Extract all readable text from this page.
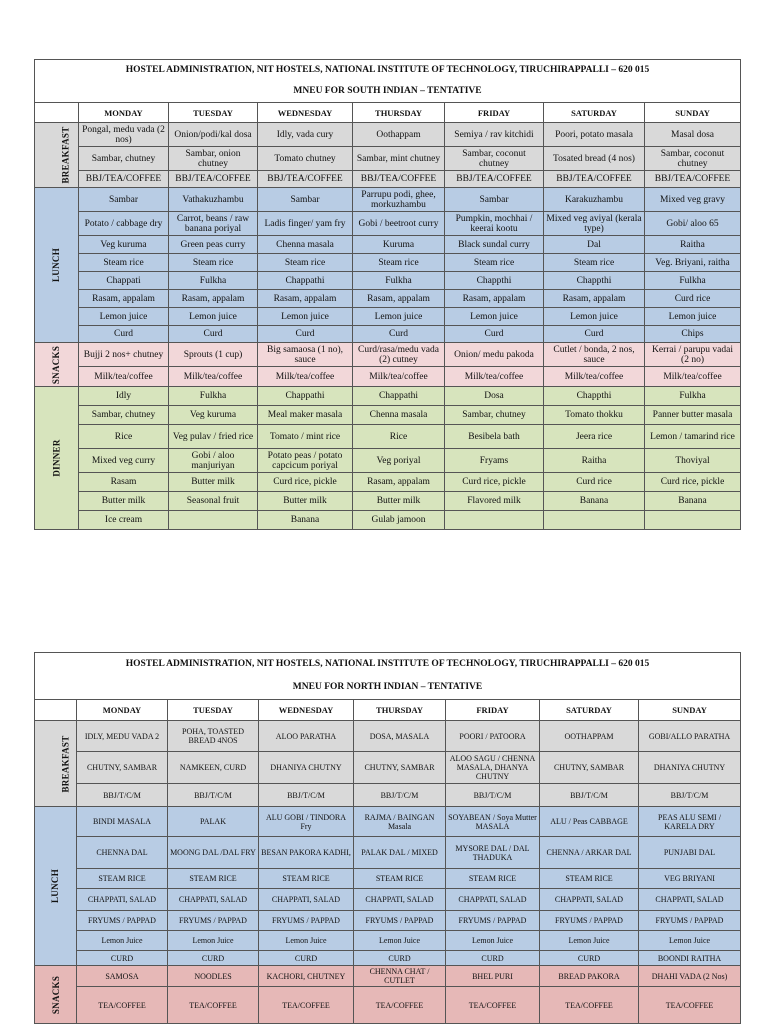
HOSTEL ADMINISTRATION, NIT HOSTELS, NATIONAL INSTITUTE OF TECHNOLOGY, TIRUCHIRAPPALLI – 620 015
MNEU FOR SOUTH INDIAN – TENTATIVE							

	MONDAY	TUESDAY	WEDNESDAY	THURSDAY	FRIDAY	SATURDAY	SUNDAY
BREAKFAST	Pongal, medu vada (2 nos)	Onion/podi/kal dosa	Idly, vada cury	Oothappam	Semiya / rav kitchidi	Poori, potato masala	Masal dosa
	Sambar, chutney	Sambar, onion chutney	Tomato chutney	Sambar, mint chutney	Sambar, coconut chutney	Tosated bread (4 nos)	Sambar, coconut chutney
	BBJ/TEA/COFFEE	BBJ/TEA/COFFEE	BBJ/TEA/COFFEE	BBJ/TEA/COFFEE	BBJ/TEA/COFFEE	BBJ/TEA/COFFEE	BBJ/TEA/COFFEE
LUNCH	Sambar	Vathakuzhambu	Sambar	Parrupu podi, ghee, morkuzhambu	Sambar	Karakuzhambu	Mixed veg gravy
	Potato / cabbage dry	Carrot, beans / raw banana poriyal	Ladis finger/ yam fry	Gobi / beetroot curry	Pumpkin, mochhai / keerai kootu	Mixed veg aviyal (kerala type)	Gobi/ aloo 65
	Veg kuruma	Green peas curry	Chenna masala	Kuruma	Black sundal curry	Dal	Raitha
	Steam rice	Steam rice	Steam rice	Steam rice	Steam rice	Steam rice	Veg. Briyani, raitha
	Chappati	Fulkha	Chappathi	Fulkha	Chappthi	Chappthi	Fulkha
	Rasam, appalam	Rasam, appalam	Rasam, appalam	Rasam, appalam	Rasam, appalam	Rasam, appalam	Curd rice
	Lemon juice	Lemon juice	Lemon juice	Lemon juice	Lemon juice	Lemon juice	Lemon juice
	Curd	Curd	Curd	Curd	Curd	Curd	Chips
SNACKS	Bujji 2 nos+ chutney	Sprouts (1 cup)	Big samaosa (1 no), sauce	Curd/rasa/medu vada (2) cutney	Onion/ medu pakoda	Cutlet / bonda, 2 nos, sauce	Kerrai / parupu vadai (2 no)
	Milk/tea/coffee	Milk/tea/coffee	Milk/tea/coffee	Milk/tea/coffee	Milk/tea/coffee	Milk/tea/coffee	Milk/tea/coffee
DINNER	Idly	Fulkha	Chappathi	Chappathi	Dosa	Chappthi	Fulkha
	Sambar, chutney	Veg kuruma	Meal maker masala	Chenna masala	Sambar, chutney	Tomato thokku	Panner butter masala
	Rice	Veg pulav / fried rice	Tomato / mint rice	Rice	Besibela bath	Jeera rice	Lemon / tamarind rice
	Mixed veg curry	Gobi / aloo manjuriyan	Potato peas / potato capcicum poriyal	Veg poriyal	Fryams	Raitha	Thoviyal
	Rasam	Butter milk	Curd rice, pickle	Rasam, appalam	Curd rice, pickle	Curd rice	Curd rice, pickle
	Butter milk	Seasonal fruit	Butter milk	Butter milk	Flavored milk	Banana	Banana
	Ice cream		Banana	Gulab jamoon			
HOSTEL ADMINISTRATION, NIT HOSTELS, NATIONAL INSTITUTE OF TECHNOLOGY, TIRUCHIRAPPALLI – 620 015
MNEU FOR NORTH INDIAN – TENTATIVE							

	MONDAY	TUESDAY	WEDNESDAY	THURSDAY	FRIDAY	SATURDAY	SUNDAY
BREAKFAST	IDLY, MEDU VADA 2	POHA, TOASTED BREAD 4NOS	ALOO PARATHA	DOSA, MASALA	POORI / PATOORA	OOTHAPPAM	GOBI/ALLO PARATHA
	CHUTNY, SAMBAR	NAMKEEN, CURD	DHANIYA CHUTNY	CHUTNY, SAMBAR	ALOO SAGU / CHENNA MASALA, DHANYA CHUTNY	CHUTNY, SAMBAR	DHANIYA CHUTNY
	BBJ/T/C/M	BBJ/T/C/M	BBJ/T/C/M	BBJ/T/C/M	BBJ/T/C/M	BBJ/T/C/M	BBJ/T/C/M
LUNCH	BINDI MASALA	PALAK	ALU GOBI / TINDORA Fry	RAJMA / BAINGAN Masala	SOYABEAN / Soya Mutter MASALA	ALU / Peas CABBAGE	PEAS ALU SEMI / KARELA DRY
	CHENNA DAL	MOONG DAL /DAL FRY	BESAN PAKORA KADHI,	PALAK DAL / MIXED	MYSORE DAL / DAL THADUKA	CHENNA / ARKAR DAL	PUNJABI DAL
	STEAM RICE	STEAM RICE	STEAM RICE	STEAM RICE	STEAM RICE	STEAM RICE	VEG BRIYANI
	CHAPPATI, SALAD	CHAPPATI, SALAD	CHAPPATI, SALAD	CHAPPATI, SALAD	CHAPPATI, SALAD	CHAPPATI, SALAD	CHAPPATI, SALAD
	FRYUMS / PAPPAD	FRYUMS / PAPPAD	FRYUMS / PAPPAD	FRYUMS / PAPPAD	FRYUMS / PAPPAD	FRYUMS / PAPPAD	FRYUMS / PAPPAD
	Lemon Juice	Lemon Juice	Lemon Juice	Lemon Juice	Lemon Juice	Lemon Juice	Lemon Juice
	CURD	CURD	CURD	CURD	CURD	CURD	BOONDI RAITHA
SNACKS	SAMOSA	NOODLES	KACHORI, CHUTNEY	CHENNA CHAT / CUTLET	BHEL PURI	BREAD PAKORA	DHAHI VADA (2 Nos)
	TEA/COFFEE	TEA/COFFEE	TEA/COFFEE	TEA/COFFEE	TEA/COFFEE	TEA/COFFEE	TEA/COFFEE
